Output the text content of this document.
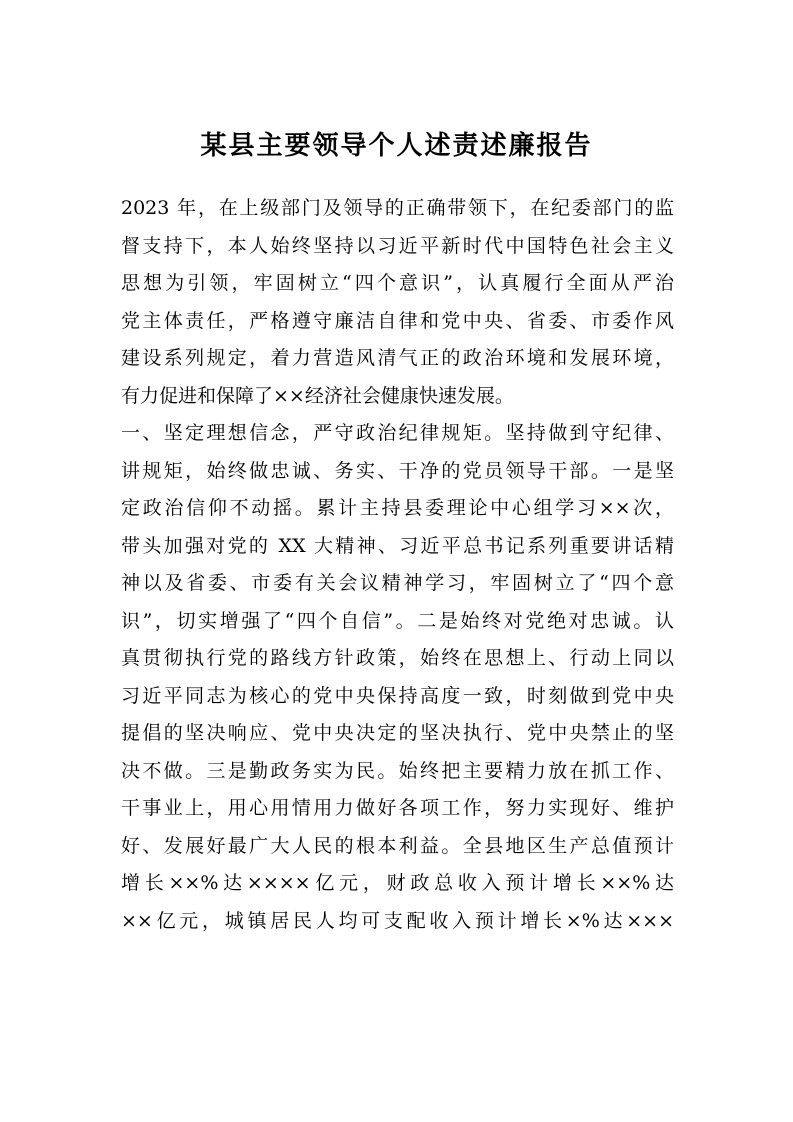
某县主要领导个人述责述廉报告
2023 年，在上级部门及领导的正确带领下，在纪委部门的监
督支持下，本人始终坚持以习近平新时代中国特色社会主义
思想为引领，牢固树立“四个意识”，认真履行全面从严治
党主体责任，严格遵守廉洁自律和党中央、省委、市委作风
建设系列规定，着力营造风清气正的政治环境和发展环境，
有力促进和保障了××经济社会健康快速发展。
一、坚定理想信念，严守政治纪律规矩。坚持做到守纪律、
讲规矩，始终做忠诚、务实、干净的党员领导干部。一是坚
定政治信仰不动摇。累计主持县委理论中心组学习××次，
带头加强对党的 XX 大精神、习近平总书记系列重要讲话精
神以及省委、市委有关会议精神学习，牢固树立了“四个意
识”，切实增强了“四个自信”。二是始终对党绝对忠诚。认
真贯彻执行党的路线方针政策，始终在思想上、行动上同以
习近平同志为核心的党中央保持高度一致，时刻做到党中央
提倡的坚决响应、党中央决定的坚决执行、党中央禁止的坚
决不做。三是勤政务实为民。始终把主要精力放在抓工作、
干事业上，用心用情用力做好各项工作，努力实现好、维护
好、发展好最广大人民的根本利益。全县地区生产总值预计
增长××%达××××亿元，财政总收入预计增长××%达
××亿元，城镇居民人均可支配收入预计增长×%达×××
